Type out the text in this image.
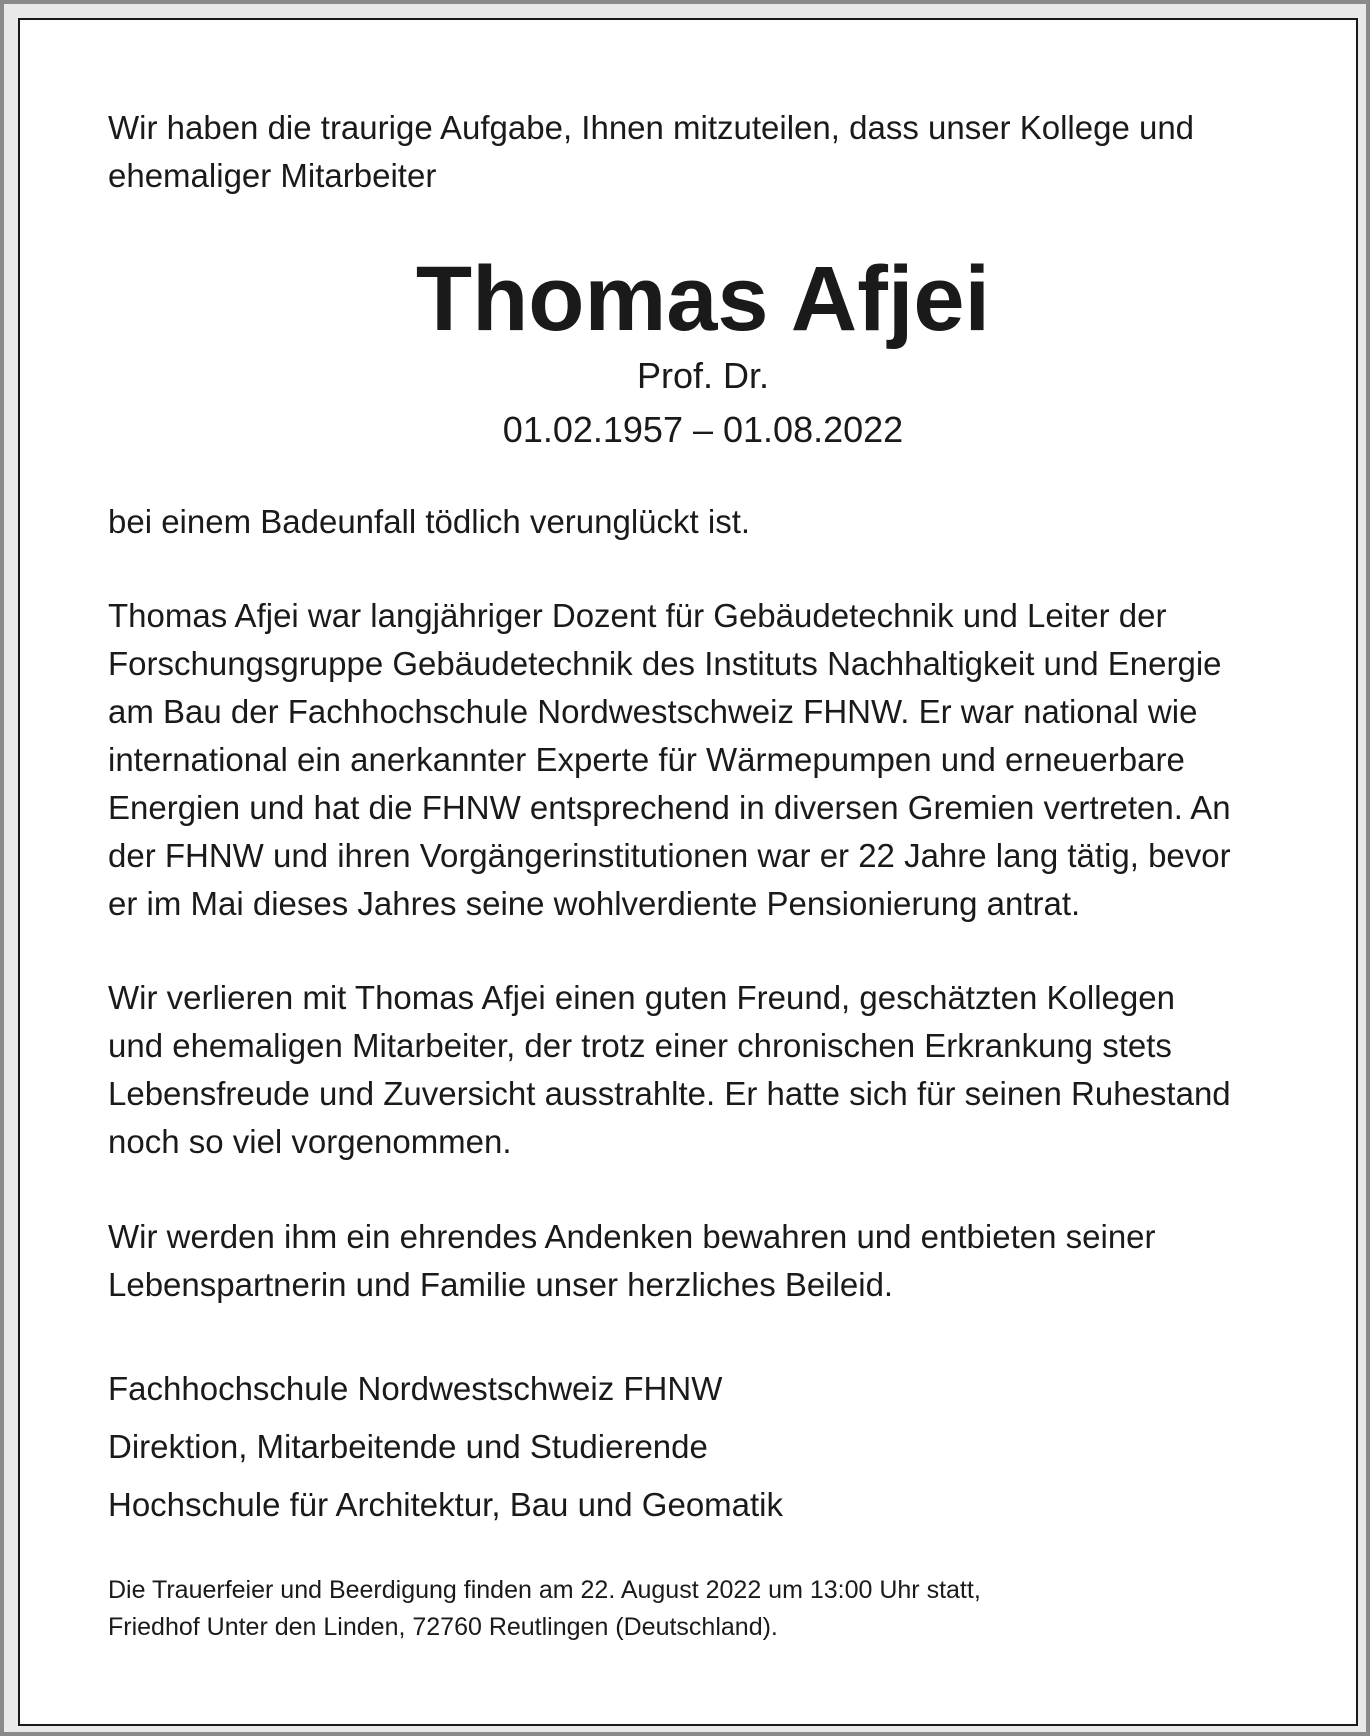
Wir haben die traurige Aufgabe, Ihnen mitzuteilen, dass unser Kollege und
ehemaliger Mitarbeiter

Thomas Afjei
Prof. Dr.
01.02.1957 – 01.08.2022

bei einem Badeunfall tödlich verunglückt ist.

Thomas Afjei war langjähriger Dozent für Gebäudetechnik und Leiter der
Forschungsgruppe Gebäudetechnik des Instituts Nachhaltigkeit und Energie
am Bau der Fachhochschule Nordwestschweiz FHNW. Er war national wie
international ein anerkannter Experte für Wärmepumpen und erneuerbare
Energien und hat die FHNW entsprechend in diversen Gremien vertreten. An
der FHNW und ihren Vorgängerinstitutionen war er 22 Jahre lang tätig, bevor
er im Mai dieses Jahres seine wohlverdiente Pensionierung antrat.

Wir verlieren mit Thomas Afjei einen guten Freund, geschätzten Kollegen
und ehemaligen Mitarbeiter, der trotz einer chronischen Erkrankung stets
Lebensfreude und Zuversicht ausstrahlte. Er hatte sich für seinen Ruhestand
noch so viel vorgenommen.

Wir werden ihm ein ehrendes Andenken bewahren und entbieten seiner
Lebenspartnerin und Familie unser herzliches Beileid.

Fachhochschule Nordwestschweiz FHNW

Direktion, Mitarbeitende und Studierende

Hochschule für Architektur, Bau und Geomatik

Die Trauerfeier und Beerdigung finden am 22. August 2022 um 13:00 Uhr statt,
Friedhof Unter den Linden, 72760 Reutlingen (Deutschland).
